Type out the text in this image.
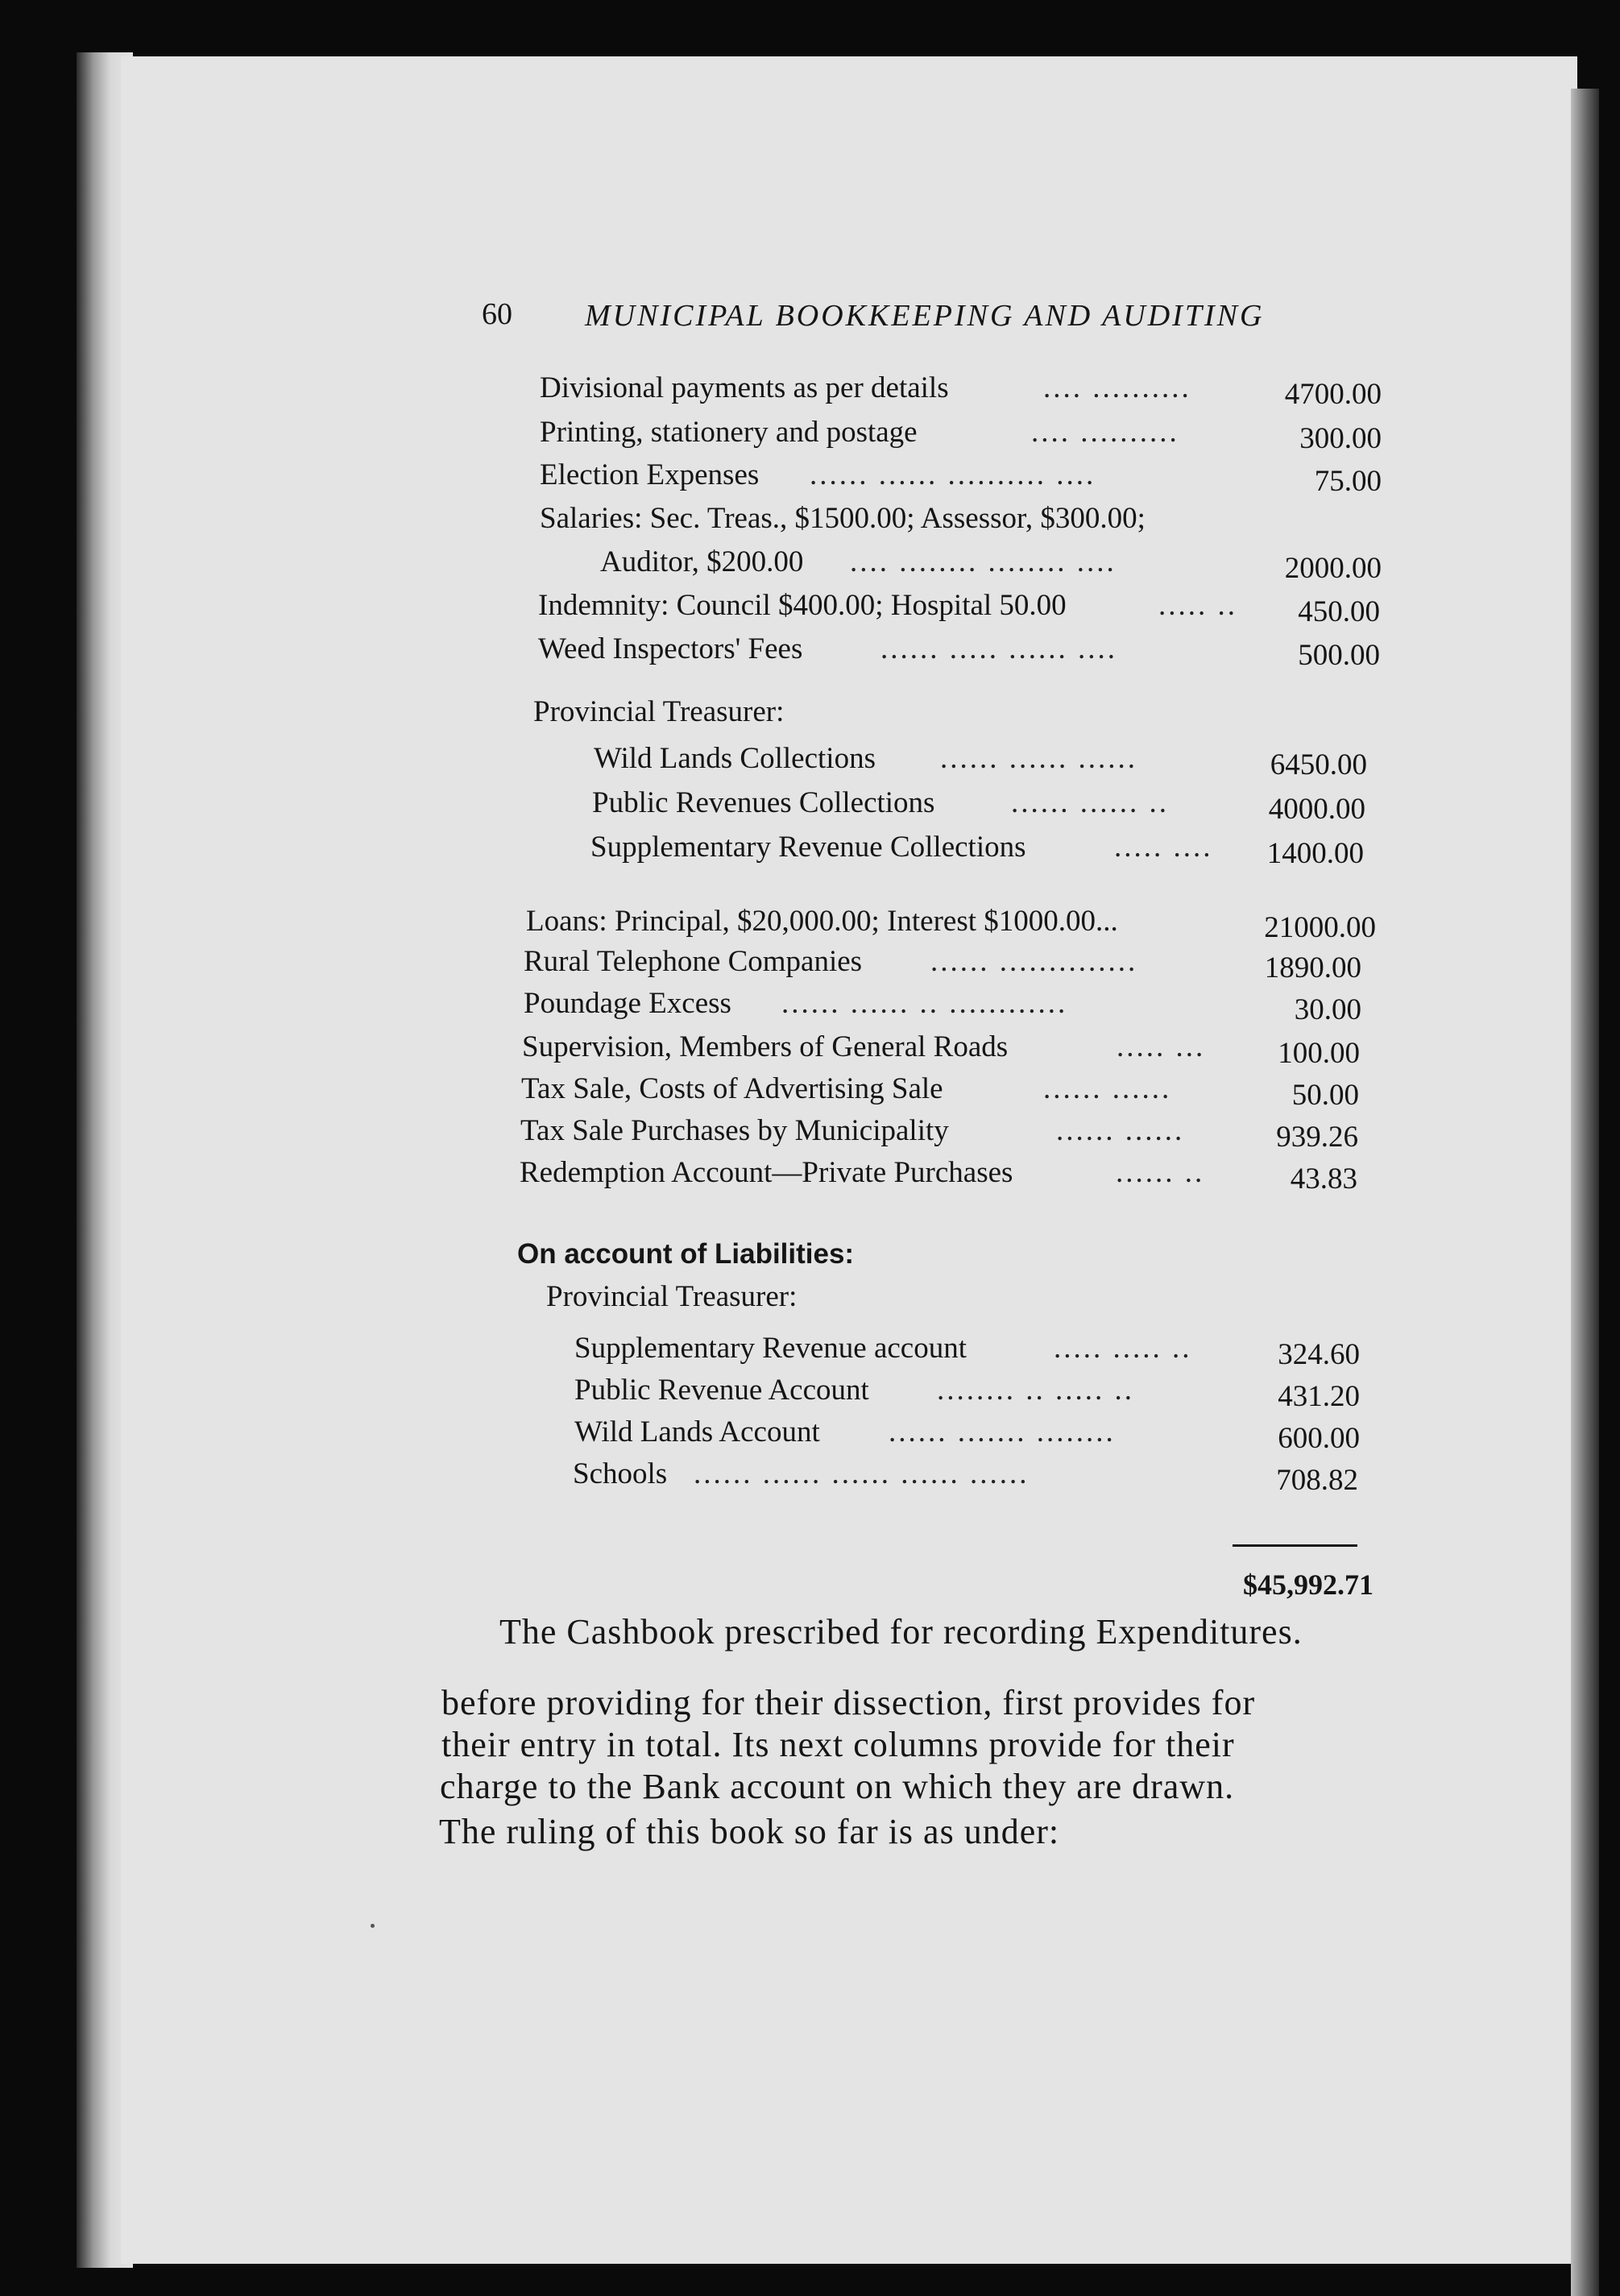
60 MUNICIPAL BOOKKEEPING AND AUDITING
Divisional payments as per details	.... ..........	4700.00
Printing, stationery and postage	.... ..........	300.00
Election Expenses ...... ...... .......... ....	75.00
Salaries: Sec. Treas., $1500.00; Assessor, $300.00;
Auditor, $200.00 .... ........ ........ ....	2000.00
Indemnity: Council $400.00; Hospital 50.00	..... ..	450.00
Weed Inspectors' Fees	...... ..... ...... ....	500.00
Provincial Treasurer:
Wild Lands Collections ...... ...... ......	6450.00
Public Revenues Collections	...... ...... ..	4000.00
Supplementary Revenue Collections	..... ....	1400.00
Loans: Principal, $20,000.00; Interest $1000.00...	21000.00
Rural Telephone Companies ...... ..............	1890.00
Poundage Excess ...... ...... .. ............	30.00
Supervision, Members of General Roads	..... ...	100.00
Tax Sale, Costs of Advertising Sale	...... ......	50.00
Tax Sale Purchases by Municipality	...... ......	939.26
Redemption Account—Private Purchases	...... ..	43.83
On account of Liabilities:
Provincial Treasurer:
Supplementary Revenue account	..... ..... ..	324.60
Public Revenue Account ........ .. ..... ..	431.20
Wild Lands Account ...... ....... ........	600.00
Schools ...... ...... ...... ...... ......	708.82
$45,992.71
The Cashbook prescribed for recording Expenditures.
before providing for their dissection, first provides for
their entry in total. Its next columns provide for their
charge to the Bank account on which they are drawn.
The ruling of this book so far is as under:
